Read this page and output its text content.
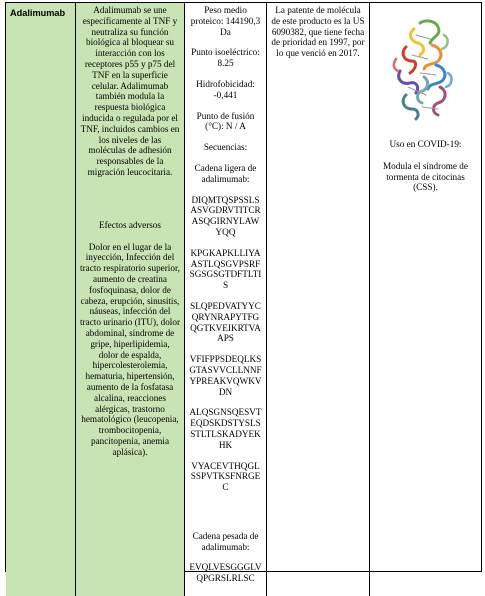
Adalimumab	Adalimumab se une específicamente al TNF y neutraliza su función biológica al bloquear su interacción con los receptores p55 y p75 del TNF en la superficie celular. Adalimumab también modula la respuesta biológica inducida o regulada por el TNF, incluidos cambios en los niveles de las moléculas de adhesión responsables de la migración leucocitaria.
Efectos adversos
Dolor en el lugar de la inyección, Infección del tracto respiratorio superior, aumento de creatina fosfoquinasa, dolor de cabeza, erupción, sinusitis, náuseas, infección del tracto urinario (ITU), dolor abdominal, síndrome de gripe, hiperlipidemia, dolor de espalda, hipercolesterolemia, hematuria, hipertensión, aumento de la fosfatasa alcalina, reacciones alérgicas, trastorno hematológico (leucopenia, trombocitopenia, pancitopenia, anemia aplásica).
Peso medio proteico: 144190,3 Da
Punto isoeléctrico: 8.25
Hidrofobicidad: -0,441
Punto de fusión (°C): N / A
Secuencias:
Cadena ligera de adalimumab:
DIQMTQSPSSLSASVGDRVTITCRASQGIRNYLAWYQQ
KPGKAPKLLIYAASTLQSGVPSRFSGSGSGTDFTLTIS
SLQPEDVATYYCQRYNRAPYTFGQGTKVEIKRTVAAPS
VFIFPPSDEQLKSGTASVVCLLNNFYPREAKVQWKVDN
ALQSGNSQESVTEQDSKDSTYSLSSTLTLSKADYEKHK
VYACEVTHQGLSSPVTKSFNRGEC
Cadena pesada de adalimumab:
EVQLVESGGGLVQPGRSLRLSC
La patente de molécula de este producto es la US 6090382, que tiene fecha de prioridad en 1997, por lo que venció en 2017.
Uso en COVID-19:
Modula el síndrome de tormenta de citocinas (CSS).
